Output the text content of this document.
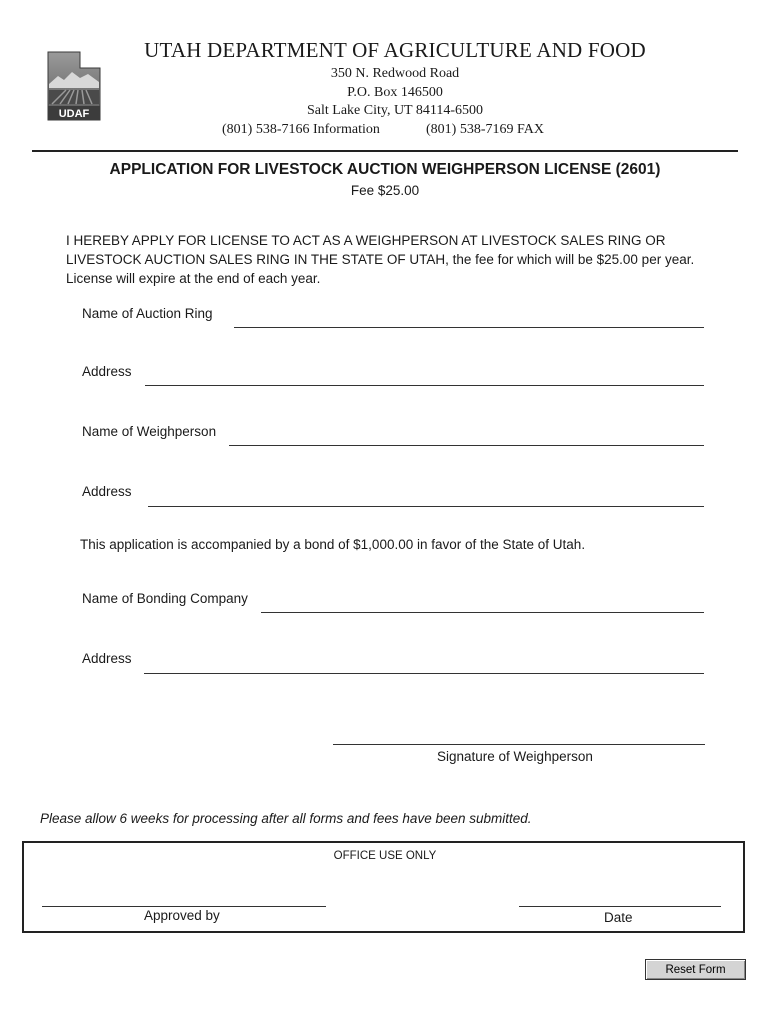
UDAF
UTAH DEPARTMENT OF AGRICULTURE AND FOOD
350 N. Redwood Road
P.O. Box 146500
Salt Lake City, UT 84114-6500
(801) 538-7166 Information	(801) 538-7169 FAX
APPLICATION FOR LIVESTOCK AUCTION WEIGHPERSON LICENSE (2601)
Fee $25.00
I HEREBY APPLY FOR LICENSE TO ACT AS A WEIGHPERSON AT LIVESTOCK SALES RING OR LIVESTOCK AUCTION SALES RING IN THE STATE OF UTAH, the fee for which will be $25.00 per year. License will expire at the end of each year.
Name of Auction Ring
Address
Name of Weighperson
Address
This application is accompanied by a bond of $1,000.00 in favor of the State of Utah.
Name of Bonding Company
Address
Signature of Weighperson
Please allow 6 weeks for processing after all forms and fees have been submitted.
OFFICE USE ONLY
Approved by	Date
Reset Form
